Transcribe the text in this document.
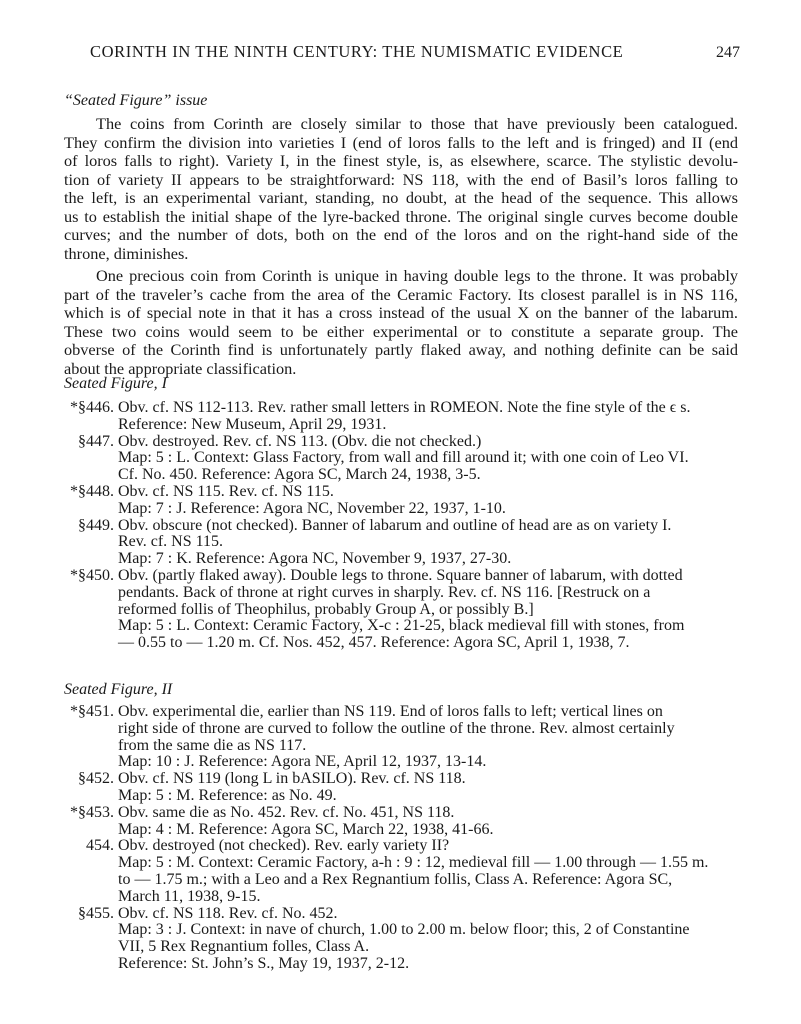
CORINTH IN THE NINTH CENTURY: THE NUMISMATIC EVIDENCE	247
“Seated Figure” issue
The coins from Corinth are closely similar to those that have previously been catalogued.
They confirm the division into varieties I (end of loros falls to the left and is fringed) and II (end
of loros falls to right). Variety I, in the finest style, is, as elsewhere, scarce. The stylistic devolu-
tion of variety II appears to be straightforward: NS 118, with the end of Basil’s loros falling to
the left, is an experimental variant, standing, no doubt, at the head of the sequence. This allows
us to establish the initial shape of the lyre-backed throne. The original single curves become double
curves; and the number of dots, both on the end of the loros and on the right-hand side of the
throne, diminishes.
One precious coin from Corinth is unique in having double legs to the throne. It was probably
part of the traveler’s cache from the area of the Ceramic Factory. Its closest parallel is in NS 116,
which is of special note in that it has a cross instead of the usual X on the banner of the labarum.
These two coins would seem to be either experimental or to constitute a separate group. The
obverse of the Corinth find is unfortunately partly flaked away, and nothing definite can be said
about the appropriate classification.
Seated Figure, I
*§446. Obv. cf. NS 112-113. Rev. rather small letters in ROMEON. Note the fine style of the ϵ s.
Reference: New Museum, April 29, 1931.
§447. Obv. destroyed. Rev. cf. NS 113. (Obv. die not checked.)
Map: 5 : L. Context: Glass Factory, from wall and fill around it; with one coin of Leo VI.
Cf. No. 450. Reference: Agora SC, March 24, 1938, 3-5.
*§448. Obv. cf. NS 115. Rev. cf. NS 115.
Map: 7 : J. Reference: Agora NC, November 22, 1937, 1-10.
§449. Obv. obscure (not checked). Banner of labarum and outline of head are as on variety I.
Rev. cf. NS 115.
Map: 7 : K. Reference: Agora NC, November 9, 1937, 27-30.
*§450. Obv. (partly flaked away). Double legs to throne. Square banner of labarum, with dotted
pendants. Back of throne at right curves in sharply. Rev. cf. NS 116. [Restruck on a
reformed follis of Theophilus, probably Group A, or possibly B.]
Map: 5 : L. Context: Ceramic Factory, X-c : 21-25, black medieval fill with stones, from
— 0.55 to — 1.20 m. Cf. Nos. 452, 457. Reference: Agora SC, April 1, 1938, 7.
Seated Figure, II
*§451. Obv. experimental die, earlier than NS 119. End of loros falls to left; vertical lines on
right side of throne are curved to follow the outline of the throne. Rev. almost certainly
from the same die as NS 117.
Map: 10 : J. Reference: Agora NE, April 12, 1937, 13-14.
§452. Obv. cf. NS 119 (long L in bASILO). Rev. cf. NS 118.
Map: 5 : M. Reference: as No. 49.
*§453. Obv. same die as No. 452. Rev. cf. No. 451, NS 118.
Map: 4 : M. Reference: Agora SC, March 22, 1938, 41-66.
454. Obv. destroyed (not checked). Rev. early variety II?
Map: 5 : M. Context: Ceramic Factory, a-h : 9 : 12, medieval fill — 1.00 through — 1.55 m.
to — 1.75 m.; with a Leo and a Rex Regnantium follis, Class A. Reference: Agora SC,
March 11, 1938, 9-15.
§455. Obv. cf. NS 118. Rev. cf. No. 452.
Map: 3 : J. Context: in nave of church, 1.00 to 2.00 m. below floor; this, 2 of Constantine
VII, 5 Rex Regnantium folles, Class A.
Reference: St. John’s S., May 19, 1937, 2-12.
